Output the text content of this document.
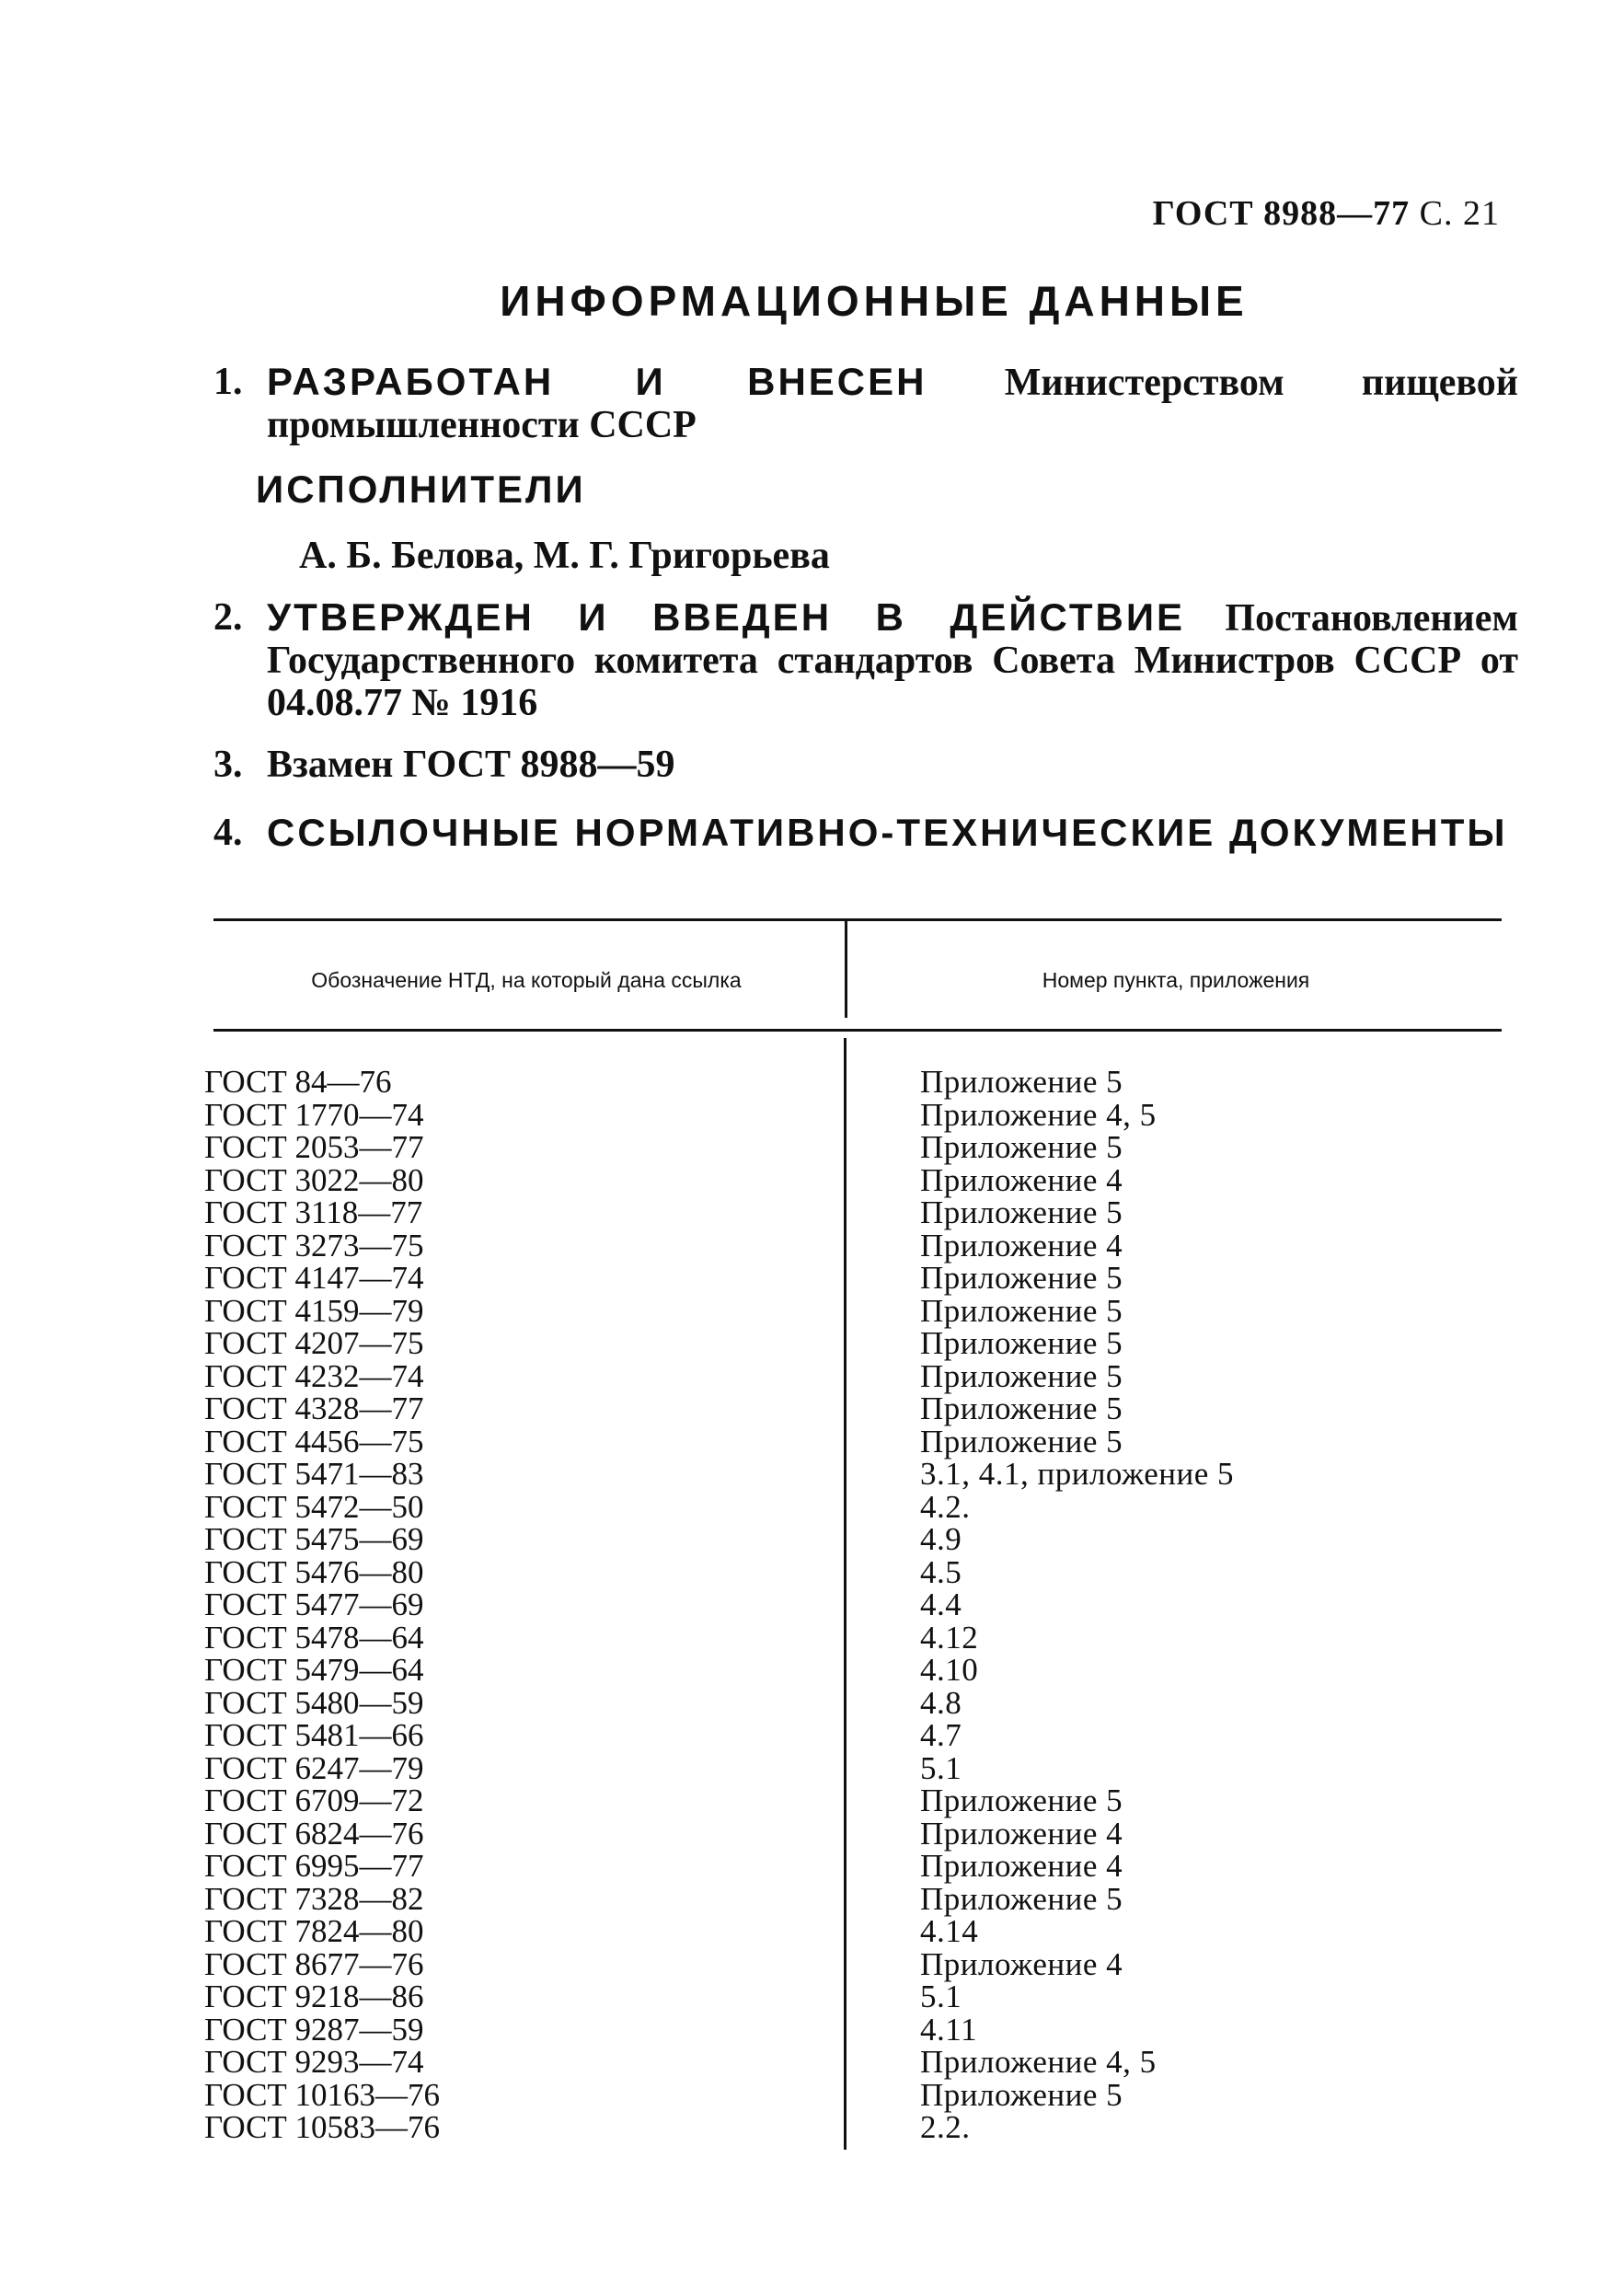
ГОСТ 8988—77 С. 21
ИНФОРМАЦИОННЫЕ ДАННЫЕ
1. РАЗРАБОТАН И ВНЕСЕН Министерством пищевой промышленности СССР
ИСПОЛНИТЕЛИ
А. Б. Белова, М. Г. Григорьева
2. УТВЕРЖДЕН И ВВЕДЕН В ДЕЙСТВИЕ Постановлением Государственного комитета стандартов Совета Министров СССР от 04.08.77 № 1916
3. Взамен ГОСТ 8988—59
4. ССЫЛОЧНЫЕ НОРМАТИВНО-ТЕХНИЧЕСКИЕ ДОКУМЕНТЫ
Обозначение НТД, на который дана ссылка	Номер пункта, приложения
ГОСТ 84—76
ГОСТ 1770—74
ГОСТ 2053—77
ГОСТ 3022—80
ГОСТ 3118—77
ГОСТ 3273—75
ГОСТ 4147—74
ГОСТ 4159—79
ГОСТ 4207—75
ГОСТ 4232—74
ГОСТ 4328—77
ГОСТ 4456—75
ГОСТ 5471—83
ГОСТ 5472—50
ГОСТ 5475—69
ГОСТ 5476—80
ГОСТ 5477—69
ГОСТ 5478—64
ГОСТ 5479—64
ГОСТ 5480—59
ГОСТ 5481—66
ГОСТ 6247—79
ГОСТ 6709—72
ГОСТ 6824—76
ГОСТ 6995—77
ГОСТ 7328—82
ГОСТ 7824—80
ГОСТ 8677—76
ГОСТ 9218—86
ГОСТ 9287—59
ГОСТ 9293—74
ГОСТ 10163—76
ГОСТ 10583—76
Приложение 5
Приложение 4, 5
Приложение 5
Приложение 4
Приложение 5
Приложение 4
Приложение 5
Приложение 5
Приложение 5
Приложение 5
Приложение 5
Приложение 5
3.1, 4.1, приложение 5
4.2.
4.9
4.5
4.4
4.12
4.10
4.8
4.7
5.1
Приложение 5
Приложение 4
Приложение 4
Приложение 5
4.14
Приложение 4
5.1
4.11
Приложение 4, 5
Приложение 5
2.2.
